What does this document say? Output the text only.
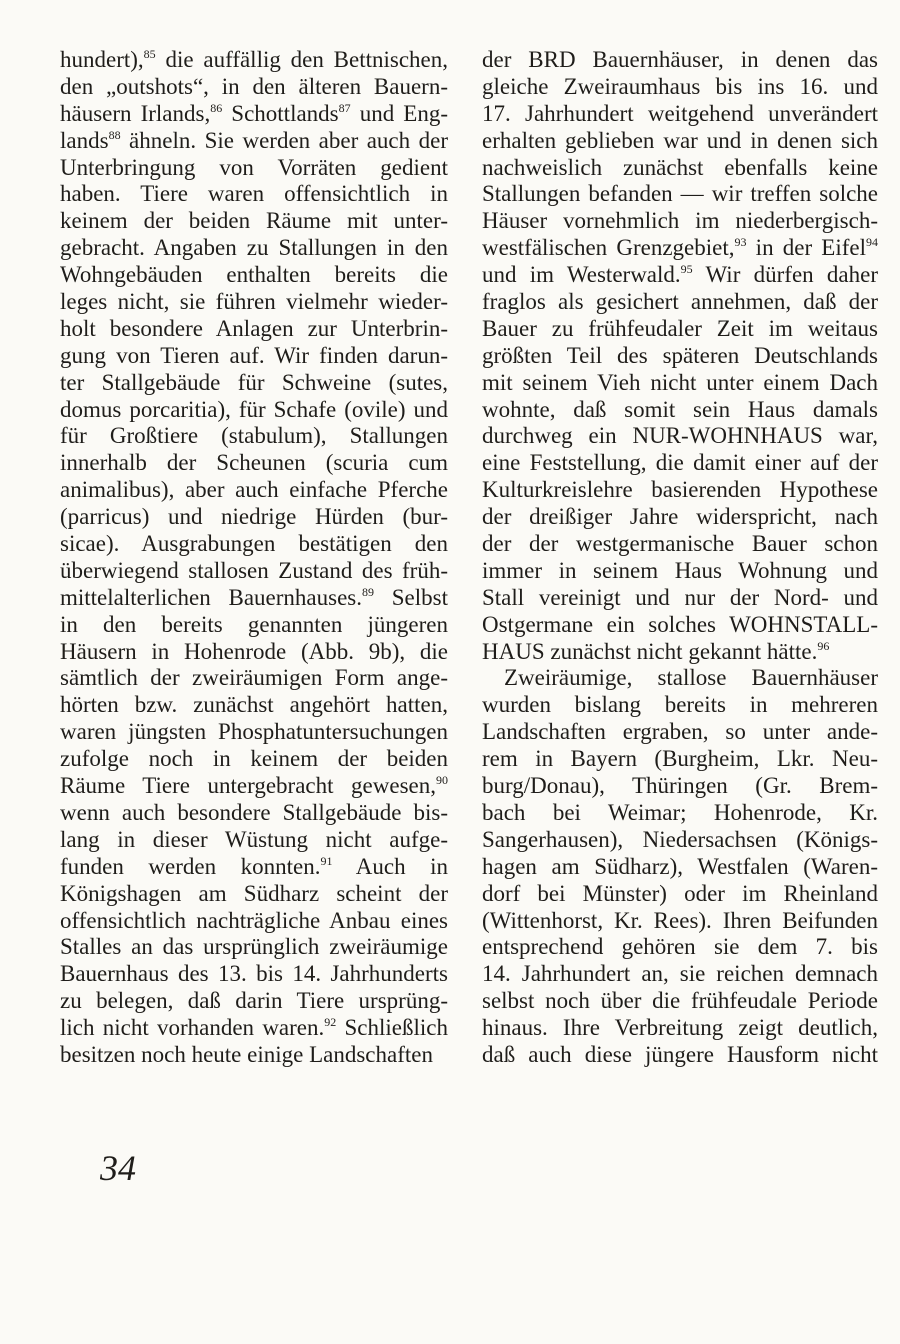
hundert),$^{85}$ die auffällig den Bettnischen,
den „outshots“, in den älteren Bauern-
häusern Irlands,$^{86}$ Schottlands$^{87}$ und Eng-
lands$^{88}$ ähneln. Sie werden aber auch der
Unterbringung von Vorräten gedient
haben. Tiere waren offensichtlich in
keinem der beiden Räume mit unter-
gebracht. Angaben zu Stallungen in den
Wohngebäuden enthalten bereits die
leges nicht, sie führen vielmehr wieder-
holt besondere Anlagen zur Unterbrin-
gung von Tieren auf. Wir finden darun-
ter Stallgebäude für Schweine (sutes,
domus porcaritia), für Schafe (ovile) und
für Großtiere (stabulum), Stallungen
innerhalb der Scheunen (scuria cum
animalibus), aber auch einfache Pferche
(parricus) und niedrige Hürden (bur-
sicae). Ausgrabungen bestätigen den
überwiegend stallosen Zustand des früh-
mittelalterlichen Bauernhauses.$^{89}$ Selbst
in den bereits genannten jüngeren
Häusern in Hohenrode (Abb. 9b), die
sämtlich der zweiräumigen Form ange-
hörten bzw. zunächst angehört hatten,
waren jüngsten Phosphatuntersuchungen
zufolge noch in keinem der beiden
Räume Tiere untergebracht gewesen,$^{90}$
wenn auch besondere Stallgebäude bis-
lang in dieser Wüstung nicht aufge-
funden werden konnten.$^{91}$ Auch in
Königshagen am Südharz scheint der
offensichtlich nachträgliche Anbau eines
Stalles an das ursprünglich zweiräumige
Bauernhaus des 13. bis 14. Jahrhunderts
zu belegen, daß darin Tiere ursprüng-
lich nicht vorhanden waren.$^{92}$ Schließlich
besitzen noch heute einige Landschaften
der BRD Bauernhäuser, in denen das
gleiche Zweiraumhaus bis ins 16. und
17. Jahrhundert weitgehend unverändert
erhalten geblieben war und in denen sich
nachweislich zunächst ebenfalls keine
Stallungen befanden — wir treffen solche
Häuser vornehmlich im niederbergisch-
westfälischen Grenzgebiet,$^{93}$ in der Eifel$^{94}$
und im Westerwald.$^{95}$ Wir dürfen daher
fraglos als gesichert annehmen, daß der
Bauer zu frühfeudaler Zeit im weitaus
größten Teil des späteren Deutschlands
mit seinem Vieh nicht unter einem Dach
wohnte, daß somit sein Haus damals
durchweg ein NUR-WOHNHAUS war,
eine Feststellung, die damit einer auf der
Kulturkreislehre basierenden Hypothese
der dreißiger Jahre widerspricht, nach
der der westgermanische Bauer schon
immer in seinem Haus Wohnung und
Stall vereinigt und nur der Nord- und
Ostgermane ein solches WOHNSTALL-
HAUS zunächst nicht gekannt hätte.$^{96}$
Zweiräumige, stallose Bauernhäuser
wurden bislang bereits in mehreren
Landschaften ergraben, so unter ande-
rem in Bayern (Burgheim, Lkr. Neu-
burg/Donau), Thüringen (Gr. Brem-
bach bei Weimar; Hohenrode, Kr.
Sangerhausen), Niedersachsen (Königs-
hagen am Südharz), Westfalen (Waren-
dorf bei Münster) oder im Rheinland
(Wittenhorst, Kr. Rees). Ihren Beifunden
entsprechend gehören sie dem 7. bis
14. Jahrhundert an, sie reichen demnach
selbst noch über die frühfeudale Periode
hinaus. Ihre Verbreitung zeigt deutlich,
daß auch diese jüngere Hausform nicht
34
